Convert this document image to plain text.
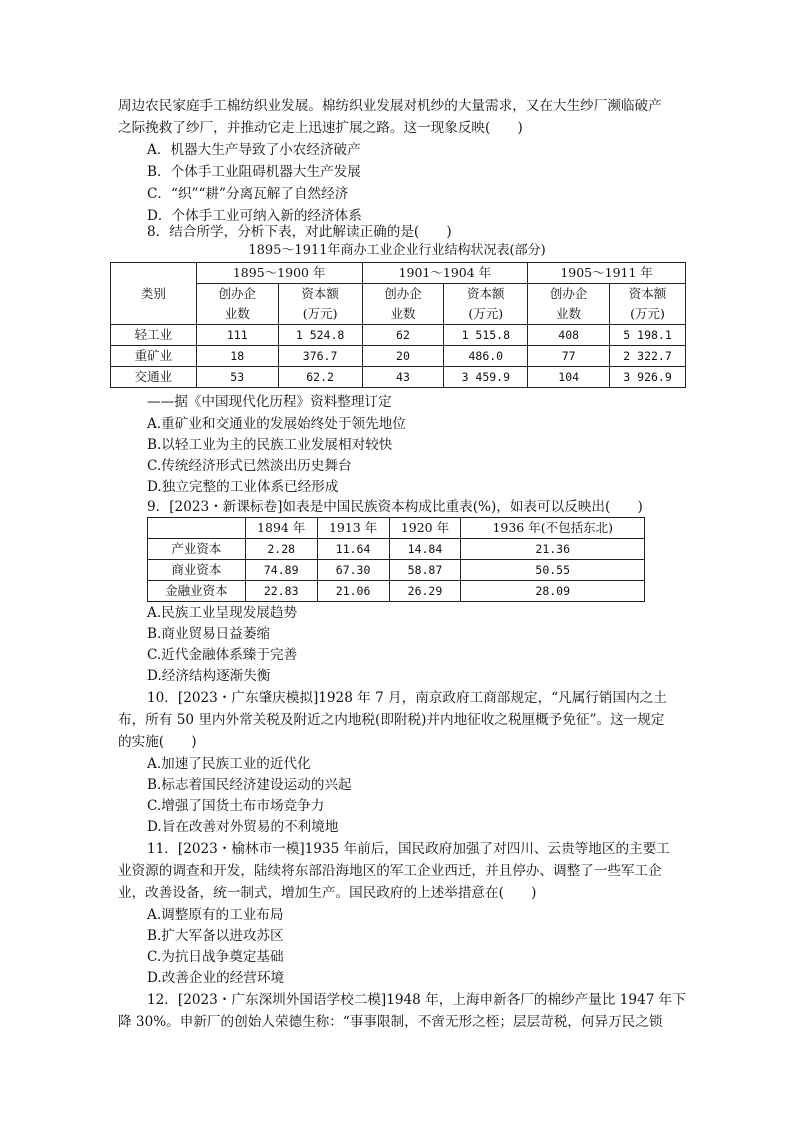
周边农民家庭手工棉纺织业发展。棉纺织业发展对机纱的大量需求，又在大生纱厂濒临破产
之际挽救了纱厂，并推动它走上迅速扩展之路。这一现象反映(　　)
A．机器大生产导致了小农经济破产
B．个体手工业阻碍机器大生产发展
C．“织”“耕”分离瓦解了自然经济
D．个体手工业可纳入新的经济体系
8．结合所学，分析下表，对此解读正确的是(　　)
1895～1911年商办工业企业行业结构状况表(部分)
类别	1895～1900 年		1901～1904 年		1905～1911 年	
	创办企	资本额	创办企	资本额	创办企	资本额
	业数	(万元)	业数	(万元)	业数	(万元)
轻工业	111	1 524.8	62	1 515.8	408	5 198.1
重矿业	18	376.7	20	486.0	77	2 322.7
交通业	53	62.2	43	3 459.9	104	3 926.9
——据《中国现代化历程》资料整理订定
A.重矿业和交通业的发展始终处于领先地位
B.以轻工业为主的民族工业发展相对较快
C.传统经济形式已然淡出历史舞台
D.独立完整的工业体系已经形成
9．[2023・新课标卷]如表是中国民族资本构成比重表(%)，如表可以反映出(　　)
	1894 年	1913 年	1920 年	1936 年(不包括东北)
产业资本	2.28	11.64	14.84	21.36
商业资本	74.89	67.30	58.87	50.55
金融业资本	22.83	21.06	26.29	28.09
A.民族工业呈现发展趋势
B.商业贸易日益萎缩
C.近代金融体系臻于完善
D.经济结构逐渐失衡
10．[2023・广东肇庆模拟]1928 年 7 月，南京政府工商部规定，“凡属行销国内之土
布，所有 50 里内外常关税及附近之内地税(即附税)并内地征收之税厘概予免征”。这一规定
的实施(　　)
A.加速了民族工业的近代化
B.标志着国民经济建设运动的兴起
C.增强了国货土布市场竞争力
D.旨在改善对外贸易的不利境地
11．[2023・榆林市一模]1935 年前后，国民政府加强了对四川、云贵等地区的主要工
业资源的调查和开发，陆续将东部沿海地区的军工企业西迁，并且停办、调整了一些军工企
业，改善设备，统一制式，增加生产。国民政府的上述举措意在(　　)
A.调整原有的工业布局
B.扩大军备以进攻苏区
C.为抗日战争奠定基础
D.改善企业的经营环境
12．[2023・广东深圳外国语学校二模]1948 年，上海申新各厂的棉纱产量比 1947 年下
降 30%。申新厂的创始人荣德生称：“事事限制，不啻无形之桎；层层苛税，何异万民之锁
